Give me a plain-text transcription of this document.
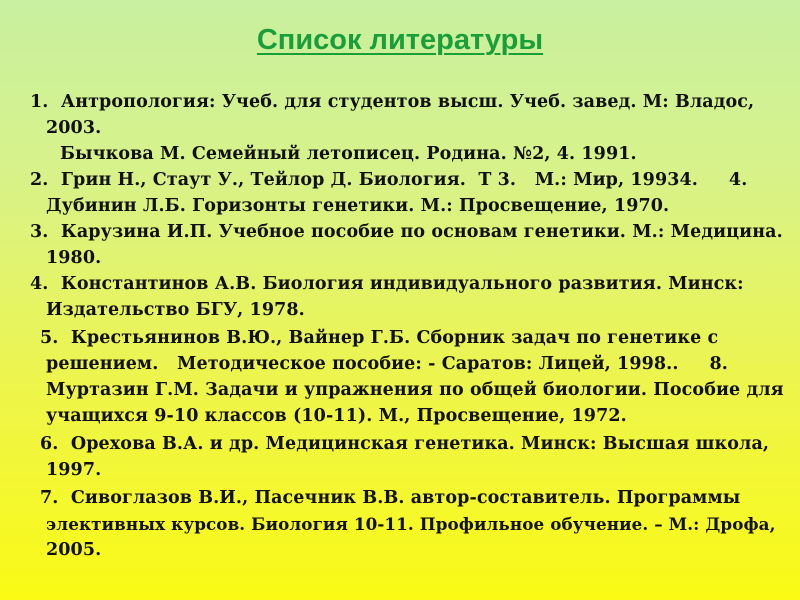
Список литературы
1.  Антропология: Учеб. для студентов высш. Учеб. завед. М: Владос,
2003.
Бычкова М. Семейный летописец. Родина. №2, 4. 1991.
2.  Грин Н., Стаут У., Тейлор Д. Биология.  Т 3.   М.: Мир, 19934.     4.
Дубинин Л.Б. Горизонты генетики. М.: Просвещение, 1970.
3.  Карузина И.П. Учебное пособие по основам генетики. М.: Медицина.
1980.
4.  Константинов А.В. Биология индивидуального развития. Минск:
Издательство БГУ, 1978.
5.  Крестьянинов В.Ю., Вайнер Г.Б. Сборник задач по генетике с
решением.   Методическое пособие: - Саратов: Лицей, 1998..     8.
Муртазин Г.М. Задачи и упражнения по общей биологии. Пособие для
учащихся 9-10 классов (10-11). М., Просвещение, 1972.
6.  Орехова В.А. и др. Медицинская генетика. Минск: Высшая школа,
1997.
7.  Сивоглазов В.И., Пасечник В.В. автор-составитель. Программы
элективных курсов. Биология 10-11. Профильное обучение. – М.: Дрофа,
2005.
